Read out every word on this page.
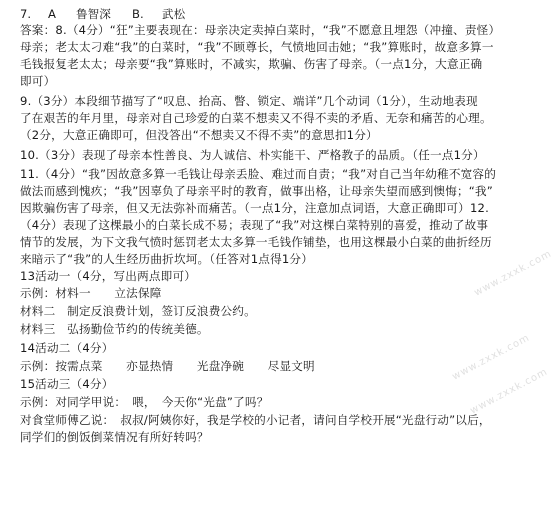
7. A 鲁智深 B. 武松
答案：8.（4分）“狂”主要表现在：母亲决定卖掉白菜时，“我”不愿意且埋怨（冲撞、责怪）
母亲；老太太刁难“我”的白菜时，“我”不顾尊长，气愤地回击她；“我”算账时，故意多算一
毛钱报复老太太；母亲要“我”算账时，不减实，欺骗、伤害了母亲。（一点1分，大意正确
即可）
9.（3分）本段细节描写了“叹息、抬高、瞥、锁定、端详”几个动词（1分），生动地表现
了在艰苦的年月里，母亲对自己珍爱的白菜不想卖又不得不卖的矛盾、无奈和痛苦的心理。
（2分，大意正确即可，但没答出“不想卖又不得不卖”的意思扣1分）
10.（3分）表现了母亲本性善良、为人诚信、朴实能干、严格教子的品质。（任一点1分）
11.（4分）“我”因故意多算一毛钱让母亲丢脸、难过而自责；“我”对自己当年幼稚不宽容的
做法而感到愧疚；“我”因辜负了母亲平时的教育，做事出格，让母亲失望而感到懊悔；“我”
因欺骗伤害了母亲，但又无法弥补而痛苦。（一点1分，注意加点词语，大意正确即可）12.
（4分）表现了这棵最小的白菜长成不易；表现了“我”对这棵白菜特别的喜爱，推动了故事
情节的发展，为下文我气愤时惩罚老太太多算一毛钱作铺垫，也用这棵最小白菜的曲折经历
来暗示了“我”的人生经历曲折坎坷。（任答对1点得1分）
13活动一（4分，写出两点即可）
示例：材料一　　立法保障
材料二　制定反浪费计划，签订反浪费公约。
材料三　弘扬勤俭节约的传统美德。
14活动二（4分）
示例：按需点菜　　亦显热情　　光盘净碗　　尽显文明
15活动三（4分）
示例：对同学甲说：　喂，　今天你“光盘”了吗？
对食堂师傅乙说：　叔叔/阿姨你好，我是学校的小记者，请问自学校开展“光盘行动”以后，
同学们的倒饭倒菜情况有所好转吗？
www.zxxk.com
www.zxxk.com
www.zxxk.com
